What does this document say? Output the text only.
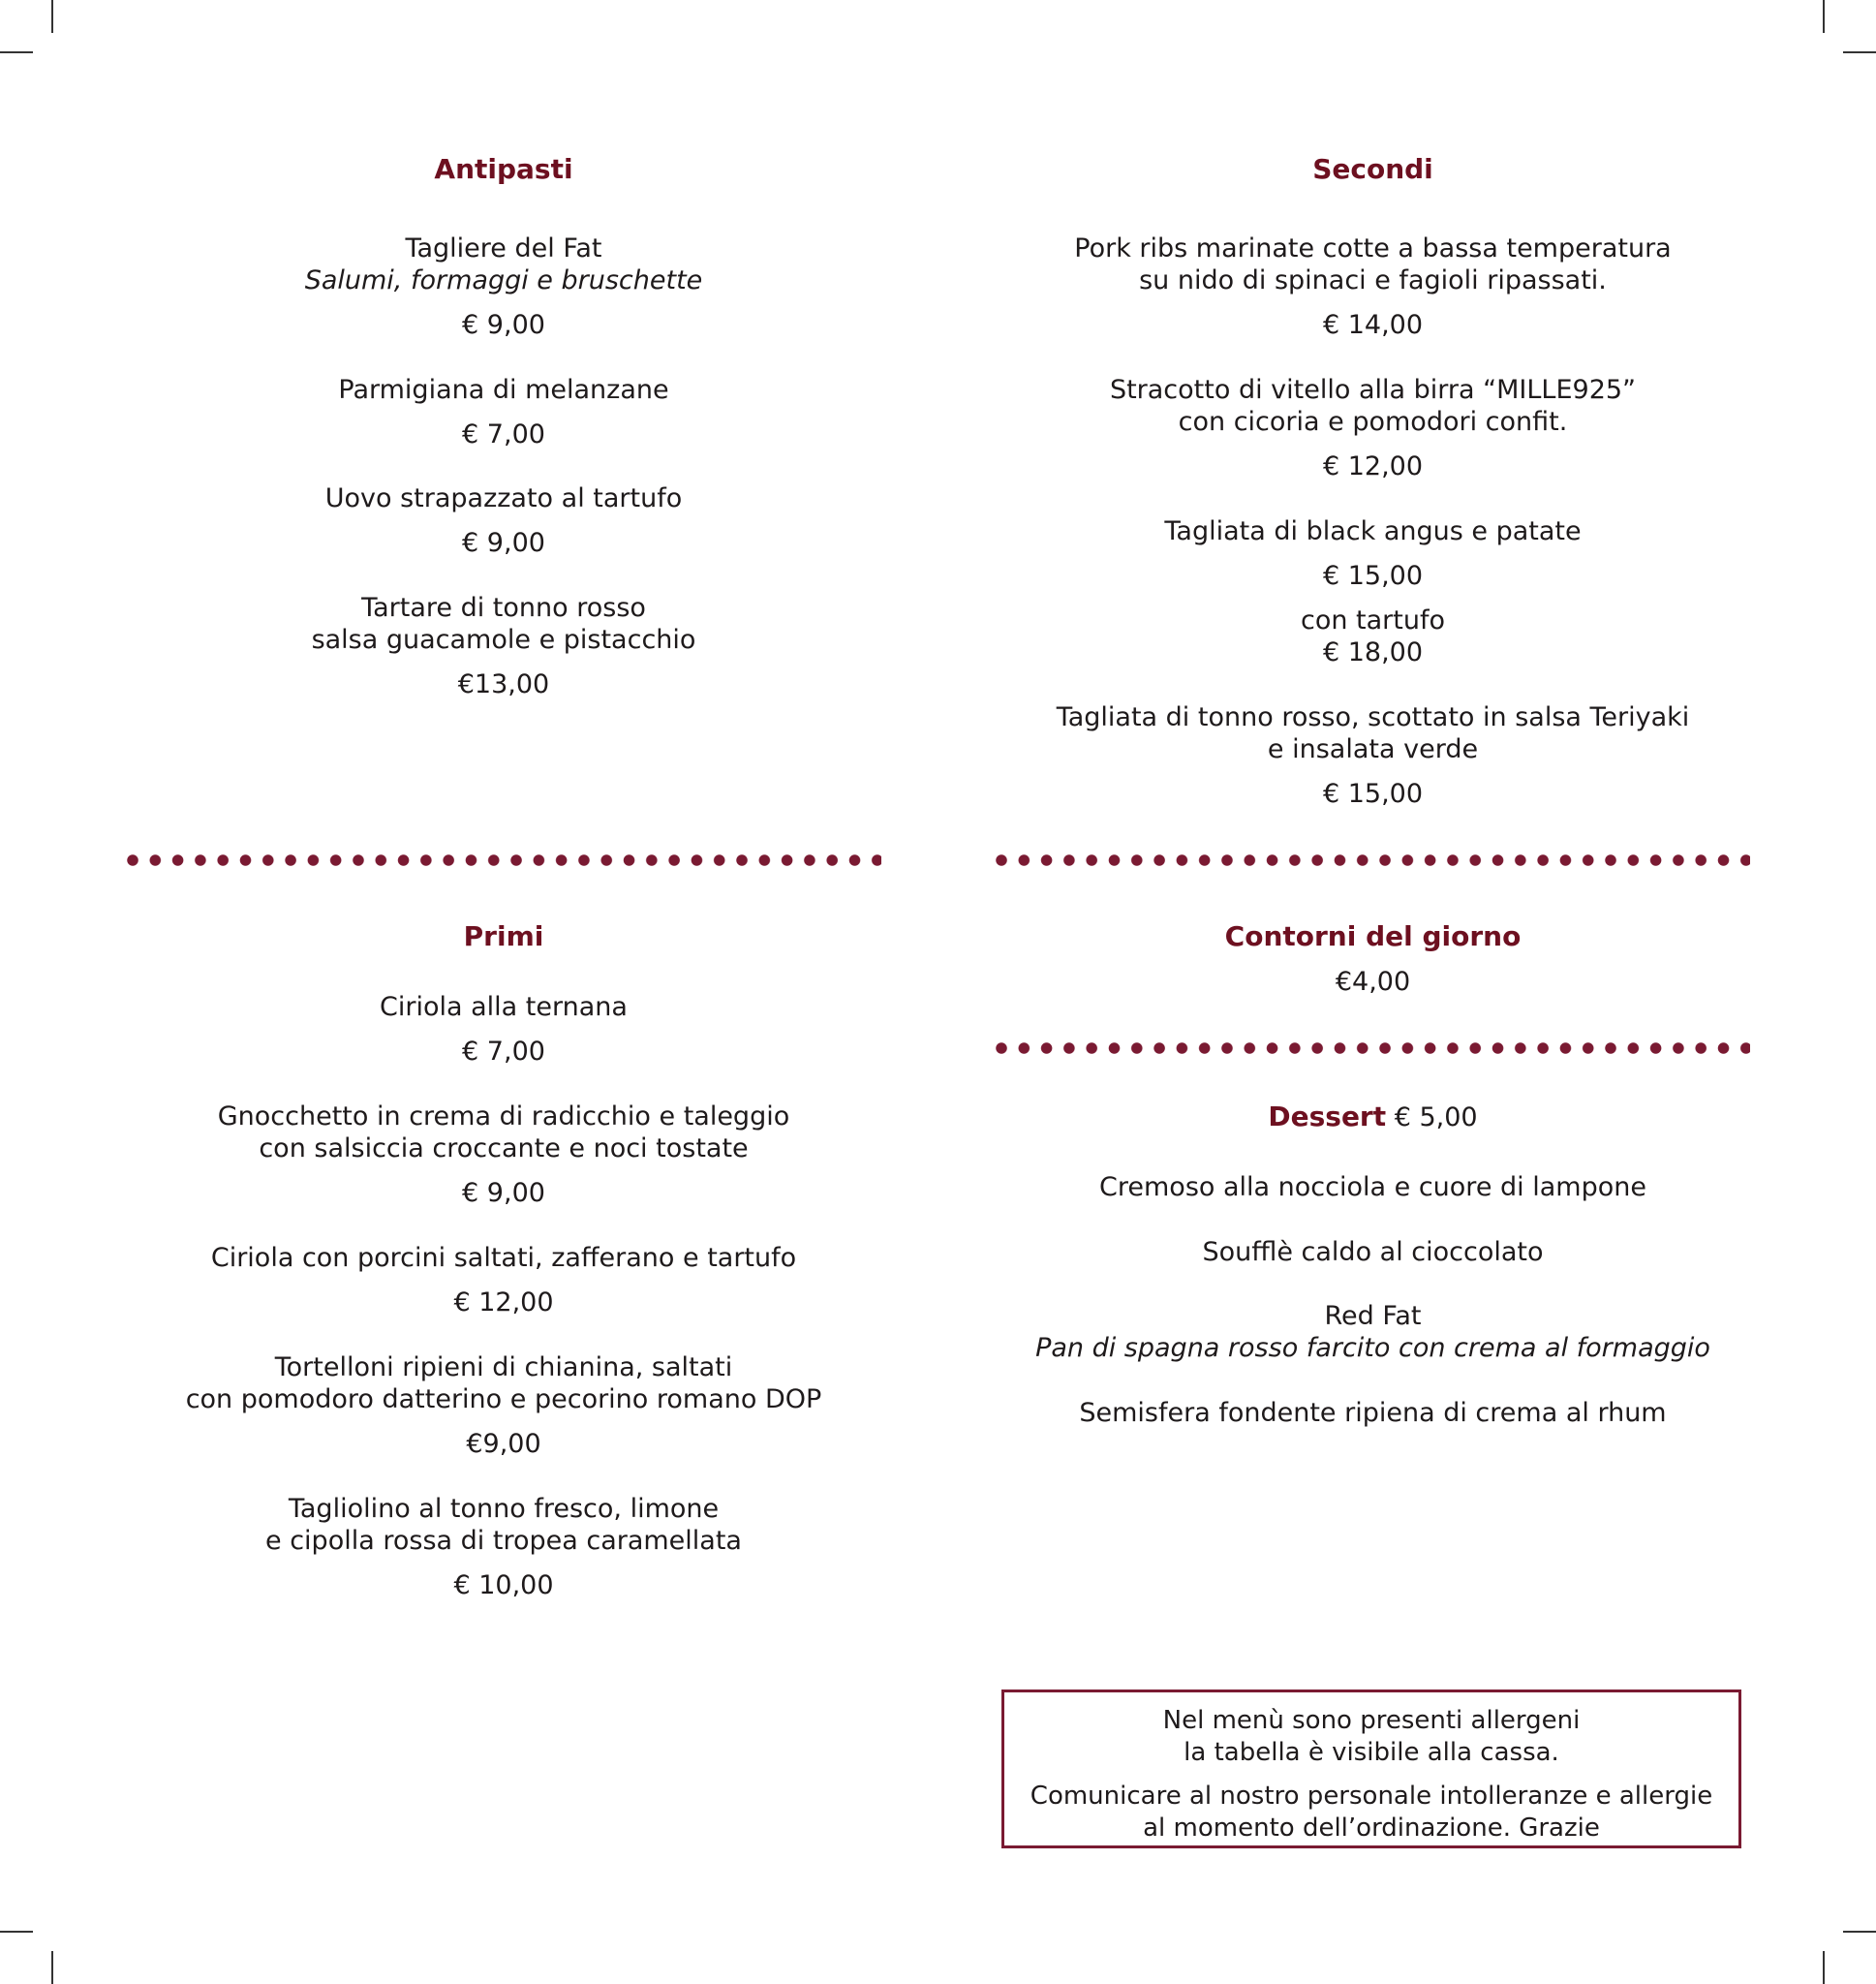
Antipasti
Tagliere del Fat
Salumi, formaggi e bruschette
€ 9,00
Parmigiana di melanzane
€ 7,00
Uovo strapazzato al tartufo
€ 9,00
Tartare di tonno rosso
salsa guacamole e pistacchio
€13,00
Secondi
Pork ribs marinate cotte a bassa temperatura
su nido di spinaci e fagioli ripassati.
€ 14,00
Stracotto di vitello alla birra “MILLE925”
con cicoria e pomodori confit.
€ 12,00
Tagliata di black angus e patate
€ 15,00
con tartufo
€ 18,00
Tagliata di tonno rosso, scottato in salsa Teriyaki
e insalata verde
€ 15,00
Primi
Ciriola alla ternana
€ 7,00
Gnocchetto in crema di radicchio e taleggio
con salsiccia croccante e noci tostate
€ 9,00
Ciriola con porcini saltati, zafferano e tartufo
€ 12,00
Tortelloni ripieni di chianina, saltati
con pomodoro datterino e pecorino romano DOP
€9,00
Tagliolino al tonno fresco, limone
e cipolla rossa di tropea caramellata
€ 10,00
Contorni del giorno
€4,00
Dessert € 5,00
Cremoso alla nocciola e cuore di lampone
Soufflè caldo al cioccolato
Red Fat
Pan di spagna rosso farcito con crema al formaggio
Semisfera fondente ripiena di crema al rhum
Nel menù sono presenti allergeni
la tabella è visibile alla cassa.
Comunicare al nostro personale intolleranze e allergie
al momento dell’ordinazione. Grazie
